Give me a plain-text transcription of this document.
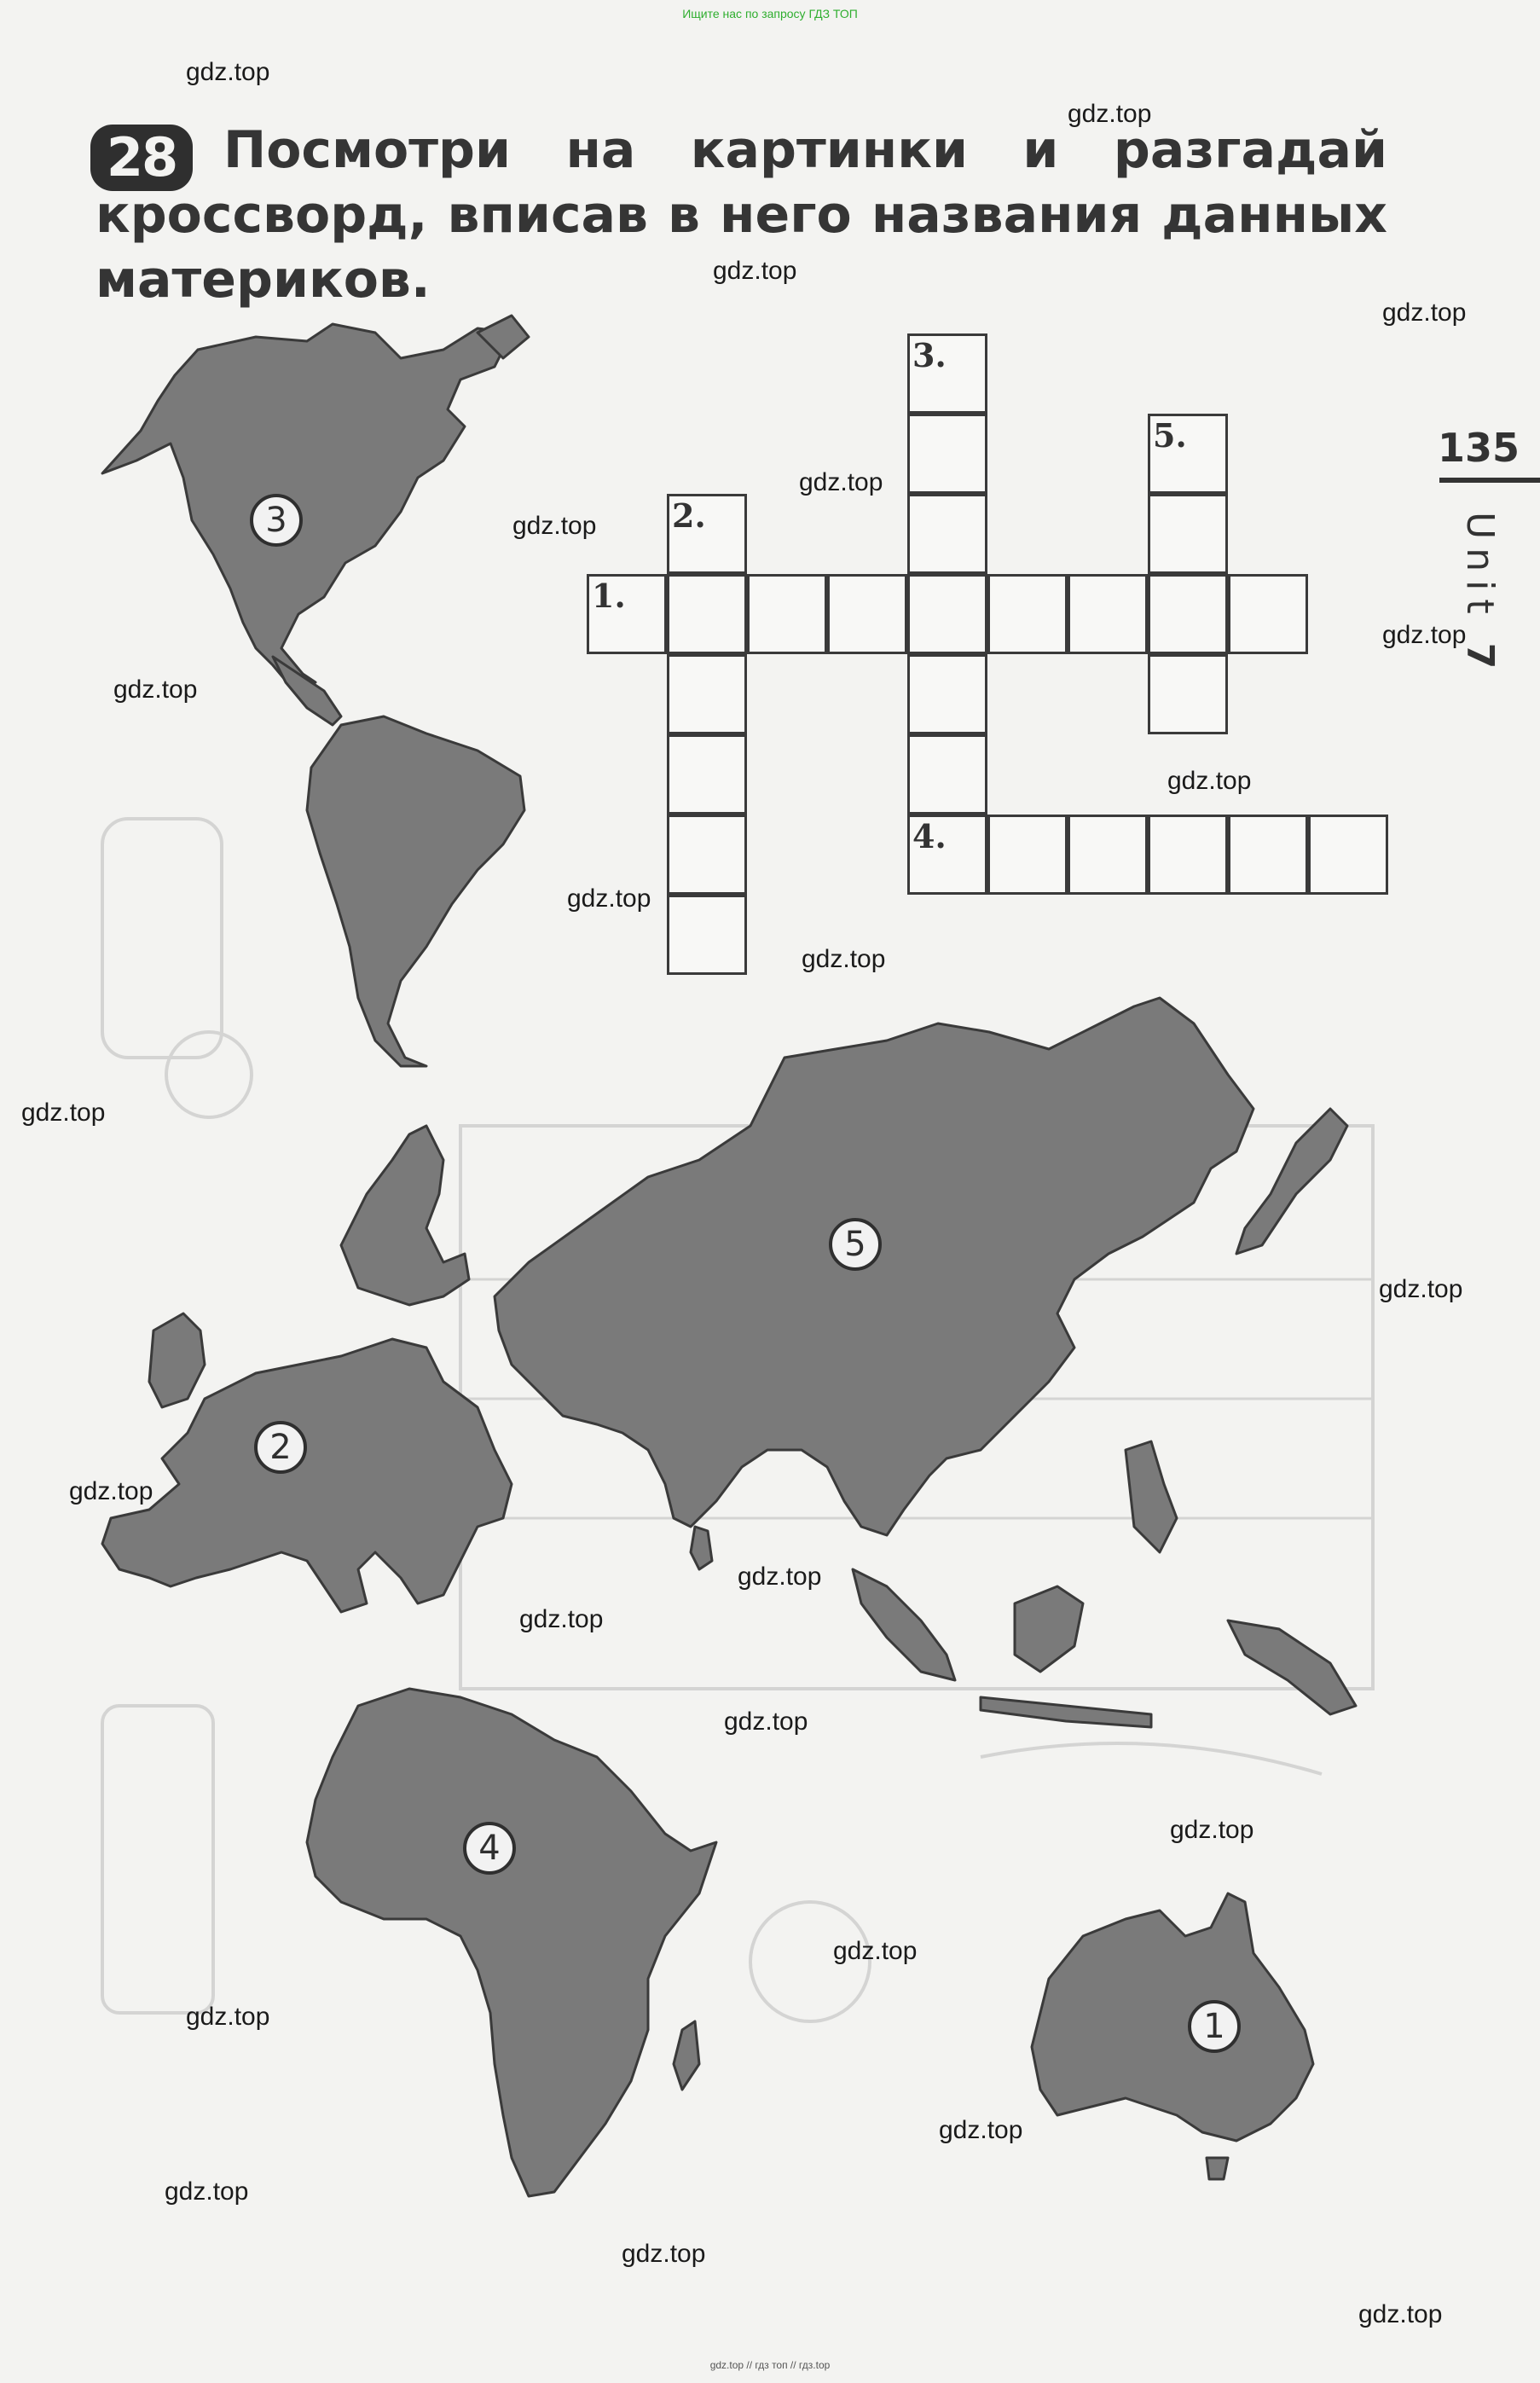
Ищите нас по запросу ГДЗ ТОП
28 Посмотри на картинки и разгадай кроссворд, вписав в него названия данных материков.
135
Unit 7
3
2
5
4
1
1.
2.
3.
4.
5.
gdz.top
gdz.top
gdz.top
gdz.top
gdz.top
gdz.top
gdz.top
gdz.top
gdz.top
gdz.top
gdz.top
gdz.top
gdz.top
gdz.top
gdz.top
gdz.top
gdz.top
gdz.top
gdz.top
gdz.top
gdz.top
gdz.top
gdz.top
gdz.top
gdz.top // гдз топ // гдз.top
